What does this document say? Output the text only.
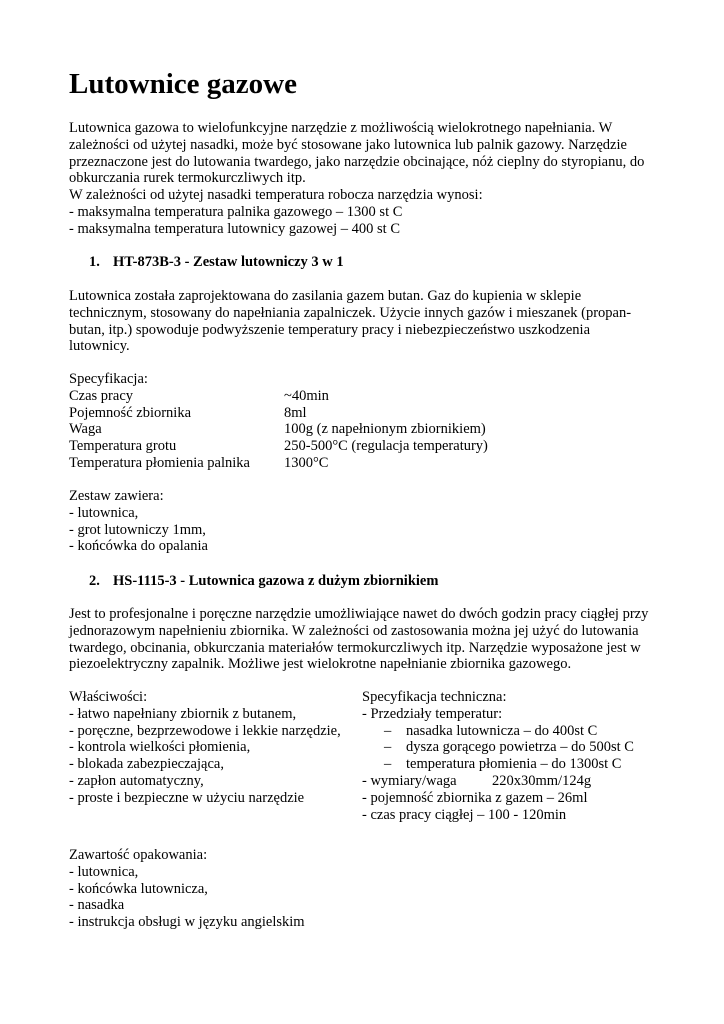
Lutownice gazowe
Lutownica gazowa to wielofunkcyjne narzędzie z możliwością wielokrotnego napełniania. W
zależności od użytej nasadki, może być stosowane jako lutownica lub palnik gazowy. Narzędzie
przeznaczone jest do lutowania twardego, jako narzędzie obcinające, nóż cieplny do styropianu, do
obkurczania rurek termokurczliwych itp.
W zależności od użytej nasadki temperatura robocza narzędzia wynosi:
- maksymalna temperatura palnika gazowego – 1300 st C
- maksymalna temperatura lutownicy gazowej – 400 st C
1. HT-873B-3 - Zestaw lutowniczy 3 w 1
Lutownica została zaprojektowana do zasilania gazem butan. Gaz do kupienia w sklepie
technicznym, stosowany do napełniania zapalniczek. Użycie innych gazów i mieszanek (propan-
butan, itp.) spowoduje podwyższenie temperatury pracy i niebezpieczeństwo uszkodzenia
lutownicy.
Specyfikacja:
Czas pracy	~40min
Pojemność zbiornika	8ml
Waga	100g (z napełnionym zbiornikiem)
Temperatura grotu	250-500°C (regulacja temperatury)
Temperatura płomienia palnika 1300°C
Zestaw zawiera:
- lutownica,
- grot lutowniczy 1mm,
- końcówka do opalania
2. HS-1115-3 - Lutownica gazowa z dużym zbiornikiem
Jest to profesjonalne i poręczne narzędzie umożliwiające nawet do dwóch godzin pracy ciągłej przy
jednorazowym napełnieniu zbiornika. W zależności od zastosowania można jej użyć do lutowania
twardego, obcinania, obkurczania materiałów termokurczliwych itp. Narzędzie wyposażone jest w
piezoelektryczny zapalnik. Możliwe jest wielokrotne napełnianie zbiornika gazowego.
Właściwości:
- łatwo napełniany zbiornik z butanem,
- poręczne, bezprzewodowe i lekkie narzędzie,
- kontrola wielkości płomienia,
- blokada zabezpieczająca,
- zapłon automatyczny,
- proste i bezpieczne w użyciu narzędzie
Specyfikacja techniczna:
- Przedziały temperatur:
– nasadka lutownicza – do 400st C
– dysza gorącego powietrza – do 500st C
– temperatura płomienia – do 1300st C
- wymiary/waga 220x30mm/124g
- pojemność zbiornika z gazem – 26ml
- czas pracy ciągłej – 100 - 120min
Zawartość opakowania:
- lutownica,
- końcówka lutownicza,
- nasadka
- instrukcja obsługi w języku angielskim
